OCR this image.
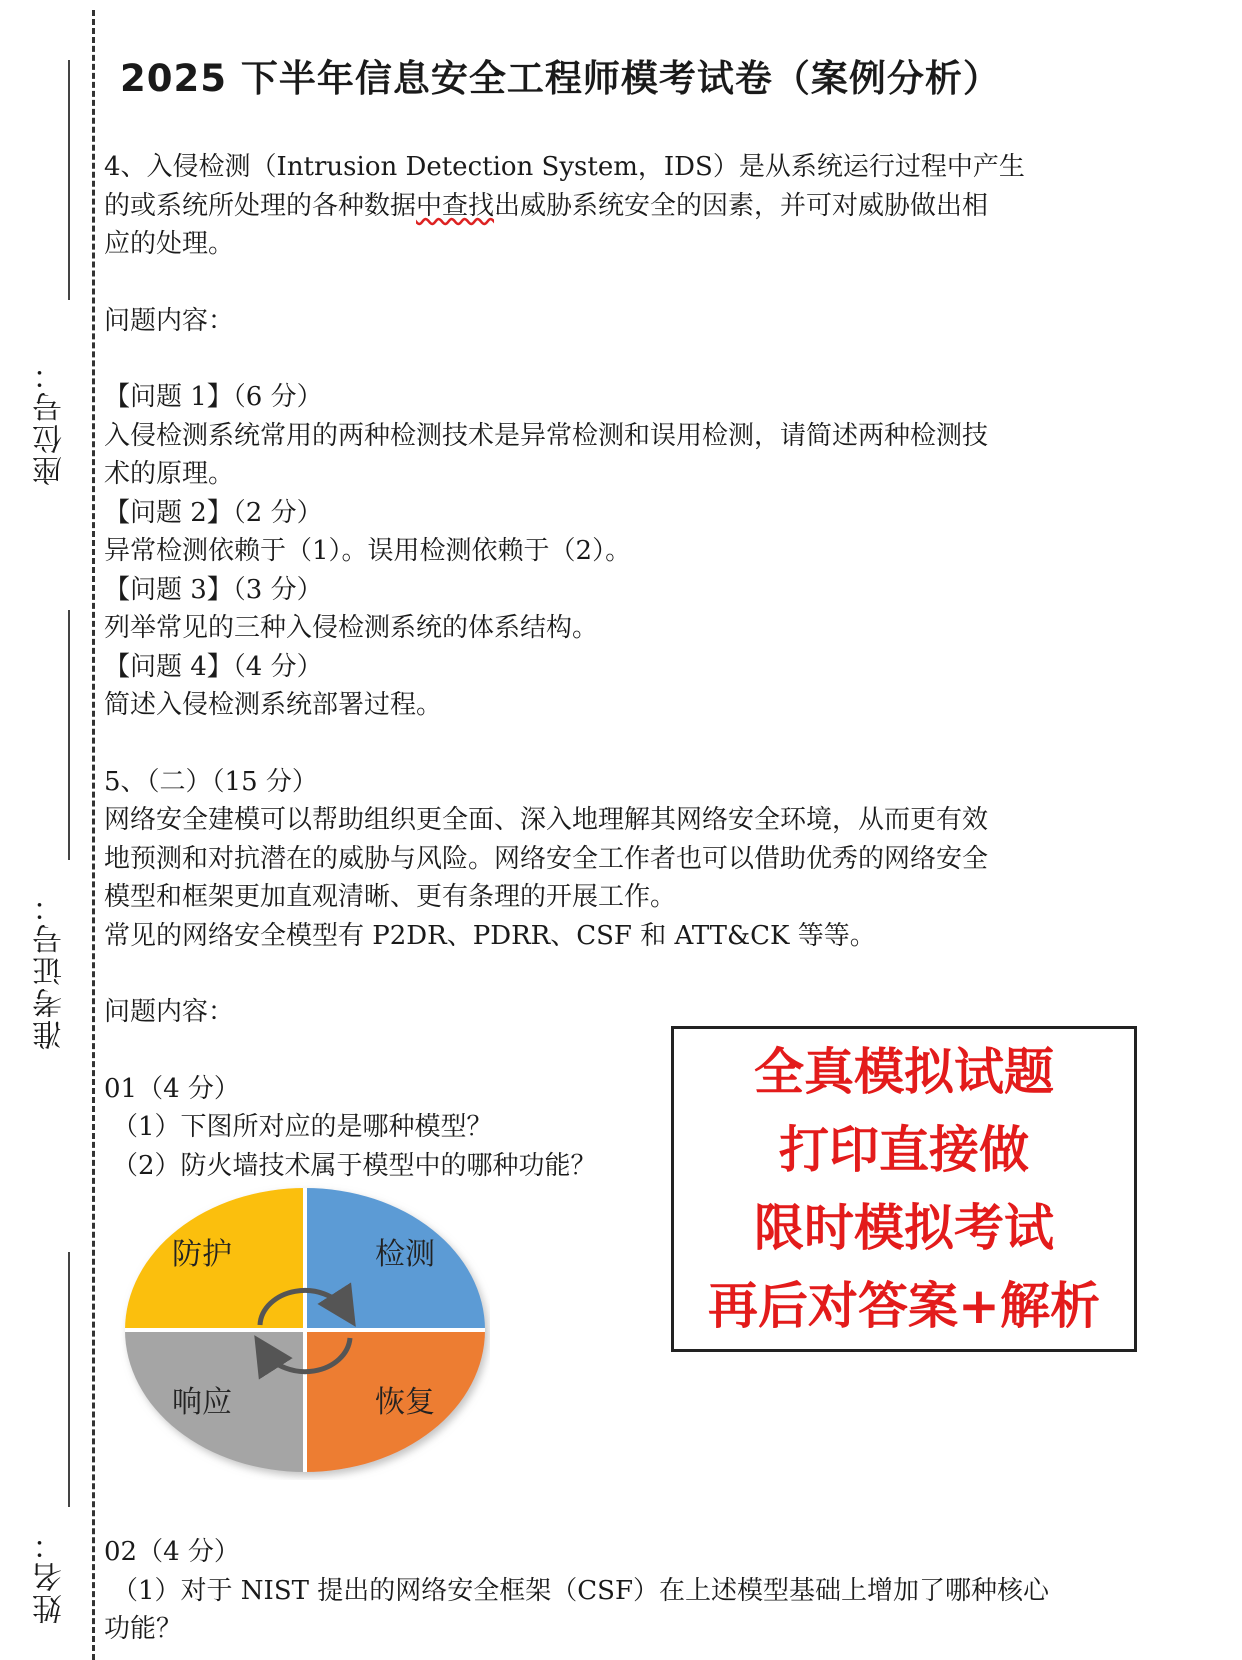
座位号：
准考证号：
姓名：
2025 下半年信息安全工程师模考试卷（案例分析）

4、入侵检测（Intrusion Detection System，IDS）是从系统运行过程中产生

的或系统所处理的各种数据中查找出威胁系统安全的因素，并可对威胁做出相

应的处理。

问题内容：

【问题 1】（6 分）

入侵检测系统常用的两种检测技术是异常检测和误用检测，请简述两种检测技

术的原理。

【问题 2】（2 分）

异常检测依赖于（1）。误用检测依赖于（2）。

【问题 3】（3 分）

列举常见的三种入侵检测系统的体系结构。

【问题 4】（4 分）

简述入侵检测系统部署过程。

5、（二）（15 分）

网络安全建模可以帮助组织更全面、深入地理解其网络安全环境，从而更有效

地预测和对抗潜在的威胁与风险。网络安全工作者也可以借助优秀的网络安全

模型和框架更加直观清晰、更有条理的开展工作。

常见的网络安全模型有 P2DR、PDRR、CSF 和 ATT&CK 等等。

问题内容：

01（4 分）

（1）下图所对应的是哪种模型？

（2）防火墙技术属于模型中的哪种功能？

防护	检测
响应	恢复

02（4 分）

（1）对于 NIST 提出的网络安全框架（CSF）在上述模型基础上增加了哪种核心

功能？

全真模拟试题
打印直接做
限时模拟考试
再后对答案+解析
